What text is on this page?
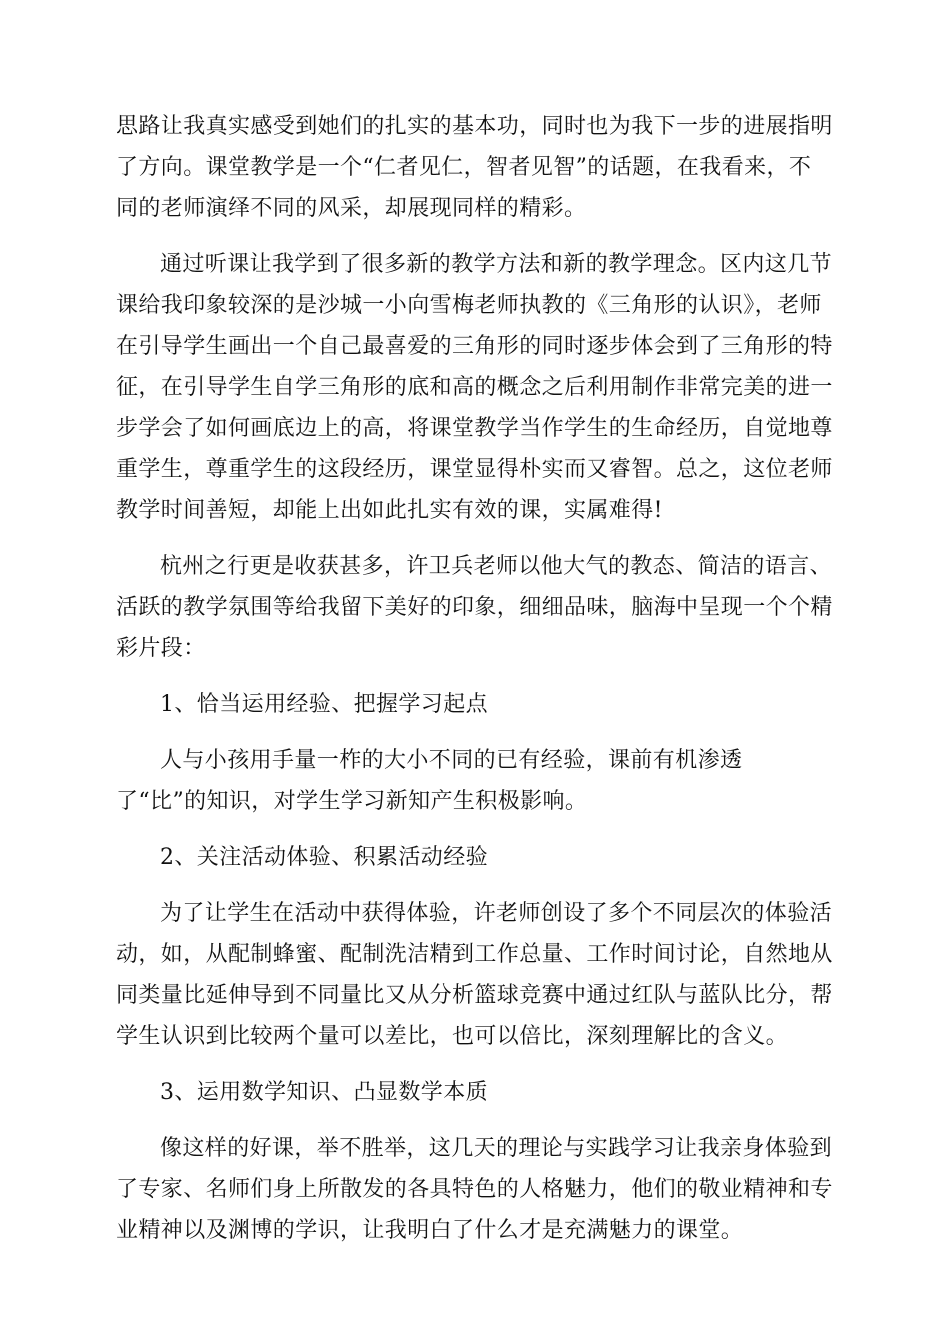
思路让我真实感受到她们的扎实的基本功，同时也为我下一步的进展指明
了方向。课堂教学是一个“仁者见仁，智者见智”的话题，在我看来，不
同的老师演绎不同的风采，却展现同样的精彩。
通过听课让我学到了很多新的教学方法和新的教学理念。区内这几节
课给我印象较深的是沙城一小向雪梅老师执教的《三角形的认识》，老师
在引导学生画出一个自己最喜爱的三角形的同时逐步体会到了三角形的特
征，在引导学生自学三角形的底和高的概念之后利用制作非常完美的进一
步学会了如何画底边上的高，将课堂教学当作学生的生命经历，自觉地尊
重学生，尊重学生的这段经历，课堂显得朴实而又睿智。总之，这位老师
教学时间善短，却能上出如此扎实有效的课，实属难得!
杭州之行更是收获甚多，许卫兵老师以他大气的教态、简洁的语言、
活跃的教学氛围等给我留下美好的印象，细细品味，脑海中呈现一个个精
彩片段：
1、恰当运用经验、把握学习起点
人与小孩用手量一柞的大小不同的已有经验，课前有机渗透
了“比”的知识，对学生学习新知产生积极影响。
2、关注活动体验、积累活动经验
为了让学生在活动中获得体验，许老师创设了多个不同层次的体验活
动，如，从配制蜂蜜、配制洗洁精到工作总量、工作时间讨论，自然地从
同类量比延伸导到不同量比又从分析篮球竞赛中通过红队与蓝队比分，帮
学生认识到比较两个量可以差比，也可以倍比，深刻理解比的含义。
3、运用数学知识、凸显数学本质
像这样的好课，举不胜举，这几天的理论与实践学习让我亲身体验到
了专家、名师们身上所散发的各具特色的人格魅力，他们的敬业精神和专
业精神以及渊博的学识，让我明白了什么才是充满魅力的课堂。
